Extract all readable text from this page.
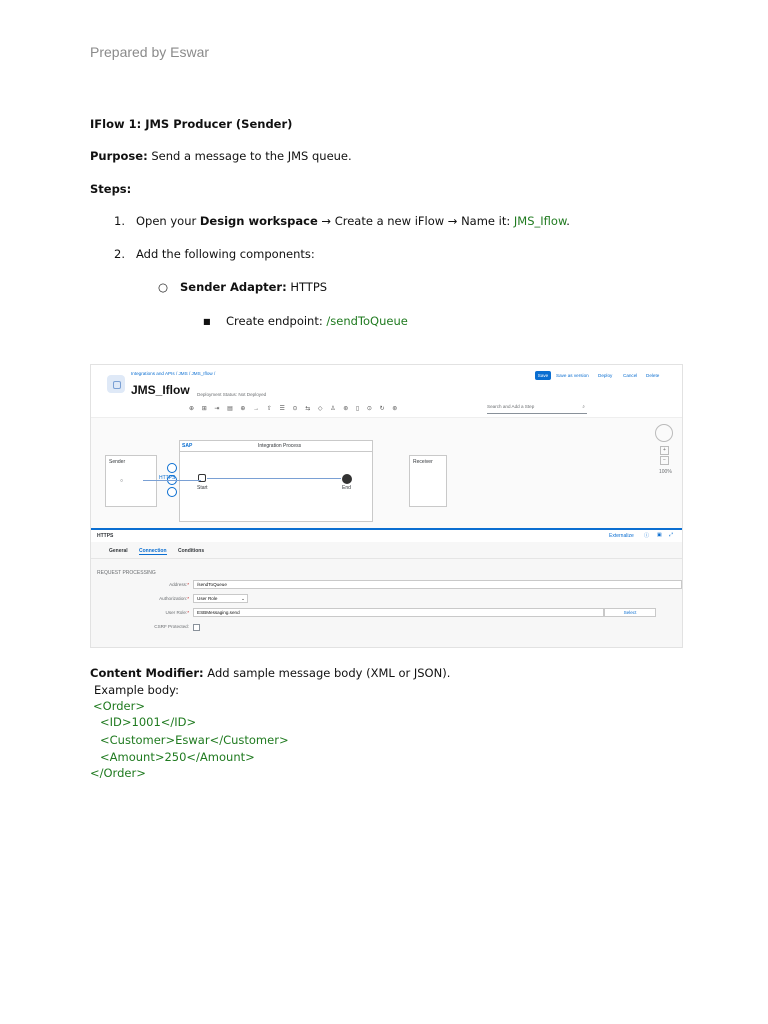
Prepared by Eswar
IFlow 1: JMS Producer (Sender)
Purpose: Send a message to the JMS queue.
Steps:
1. Open your Design workspace → Create a new iFlow → Name it: JMS_Iflow.
2. Add the following components:
○ Sender Adapter: HTTPS
■ Create endpoint: /sendToQueue
Integrations and APIs / JMS / JMS_Iflow /
JMS_Iflow Deployment Status: Not Deployed
Save	Save as version Deploy Cancel Delete
⊕ ⊞ ⇥ ▤ ⊕ → ⇧ ☰ ⊙ ⇆ ◇ ♙ ⊛ ▯ ⊙ ↻ ⊛	Search and Add a Step	⌕
Sender
○
SAP	Integration Process
Start	End
HTTPS
Receiver
+
−
100%
HTTPS	Externalize ⓘ ▣ ⤢
General Connection Conditions
REQUEST PROCESSING
Address:*	/sendToQueue
Authorization:*	User Role	⌄
User Role:*	ESBMessaging.send	Select
CSRF Protected:
Content Modifier: Add sample message body (XML or JSON).
Example body:
<Order>
<ID>1001</ID>
<Customer>Eswar</Customer>
<Amount>250</Amount>
</Order>
